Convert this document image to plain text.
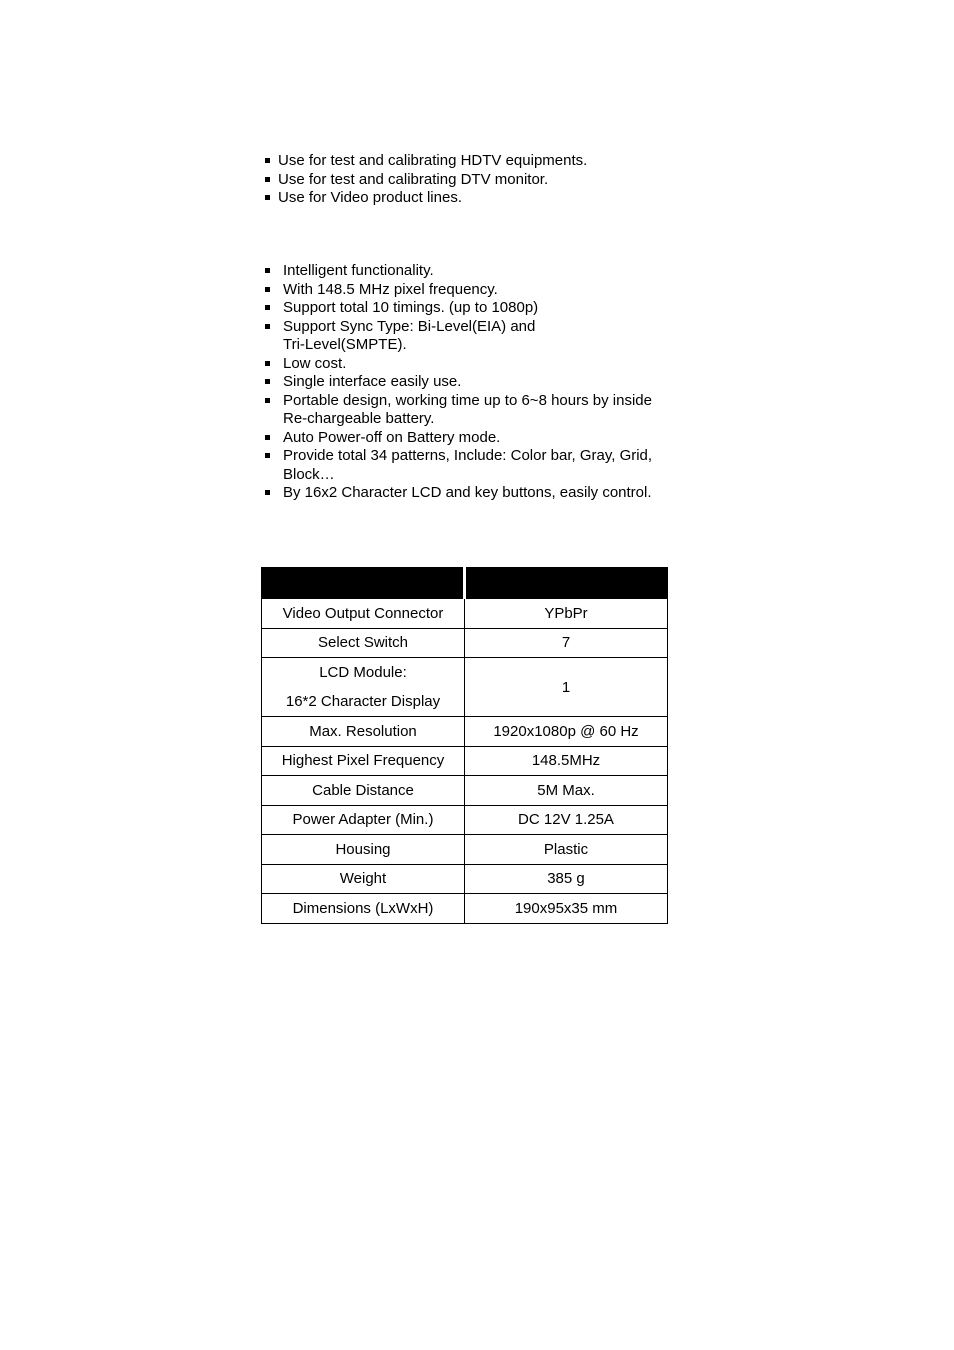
Use for test and calibrating HDTV equipments.
Use for test and calibrating DTV monitor.
Use for Video product lines.
Intelligent functionality.
With 148.5 MHz pixel frequency.
Support total 10 timings. (up to 1080p)
Support Sync Type: Bi-Level(EIA) and
Tri-Level(SMPTE).
Low cost.
Single interface easily use.
Portable design, working time up to 6~8 hours by inside
Re-chargeable battery.
Auto Power-off on Battery mode.
Provide total 34 patterns, Include: Color bar, Gray, Grid,
Block…
By 16x2 Character LCD and key buttons, easily control.

Video Output Connector	YPbPr
Select Switch	7

LCD Module:
16*2 Character Display	1
Max. Resolution	1920x1080p @ 60 Hz
Highest Pixel Frequency	148.5MHz
Cable Distance	5M Max.
Power Adapter (Min.)	DC 12V 1.25A
Housing	Plastic
Weight	385 g
Dimensions (LxWxH)	190x95x35 mm
